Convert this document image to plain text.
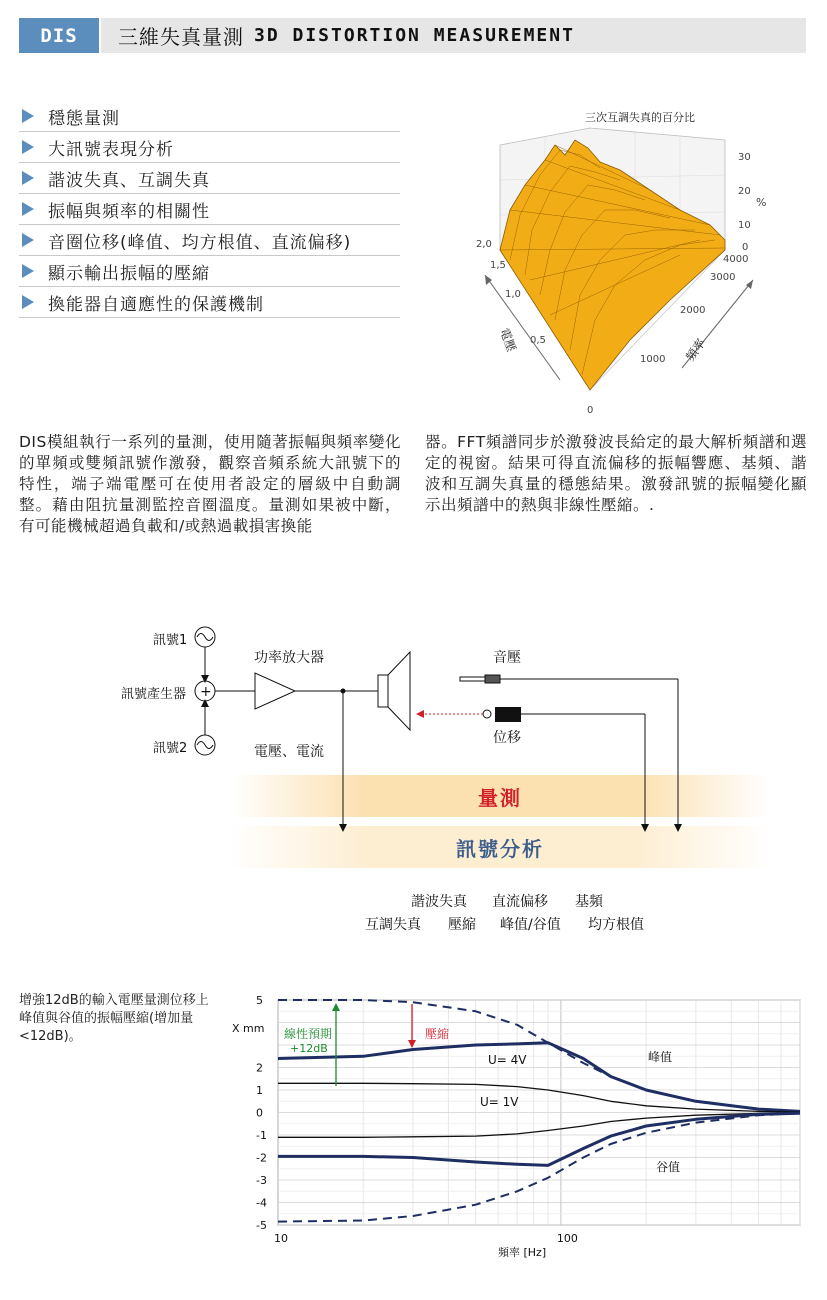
DIS	三維失真量測 3D DISTORTION MEASUREMENT
穩態量測
大訊號表現分析
諧波失真、互調失真
振幅與頻率的相關性
音圈位移(峰值、均方根值、直流偏移)
顯示輸出振幅的壓縮
換能器自適應性的保護機制
三次互調失真的百分比
30
20
10
0
%
2,0
1,5
1,0
0,5
0
電壓
4000
3000
2000
1000 頻率

DIS模組執行一系列的量測，使用隨著振幅與頻率變化的單頻或雙頻訊號作激發，觀察音頻系統大訊號下的特性，端子端電壓可在使用者設定的層級中自動調整。藉由阻抗量測監控音圈溫度。量測如果被中斷，有可能機械超過負載和/或熱過載損害換能

器。FFT頻譜同步於激發波長給定的最大解析頻譜和選定的視窗。結果可得直流偏移的振幅響應、基頻、諧波和互調失真量的穩態結果。激發訊號的振幅變化顯示出頻譜中的熱與非線性壓縮。.

量測
訊號分析
+
訊號1
訊號產生器
訊號2
功率放大器
電壓、電流
音壓
位移
諧波失真 直流偏移 基頻
互調失真 壓縮 峰值/谷值 均方根值
增強12dB的輸入電壓量測位移上峰值與谷值的振幅壓縮(增加量<12dB)。
5
2
1
0
-1
-2
-3
-4
-5
10	100
X mm
頻率 [Hz]
線性預期
+12dB
壓縮
U= 4V
U= 1V
峰值
谷值
